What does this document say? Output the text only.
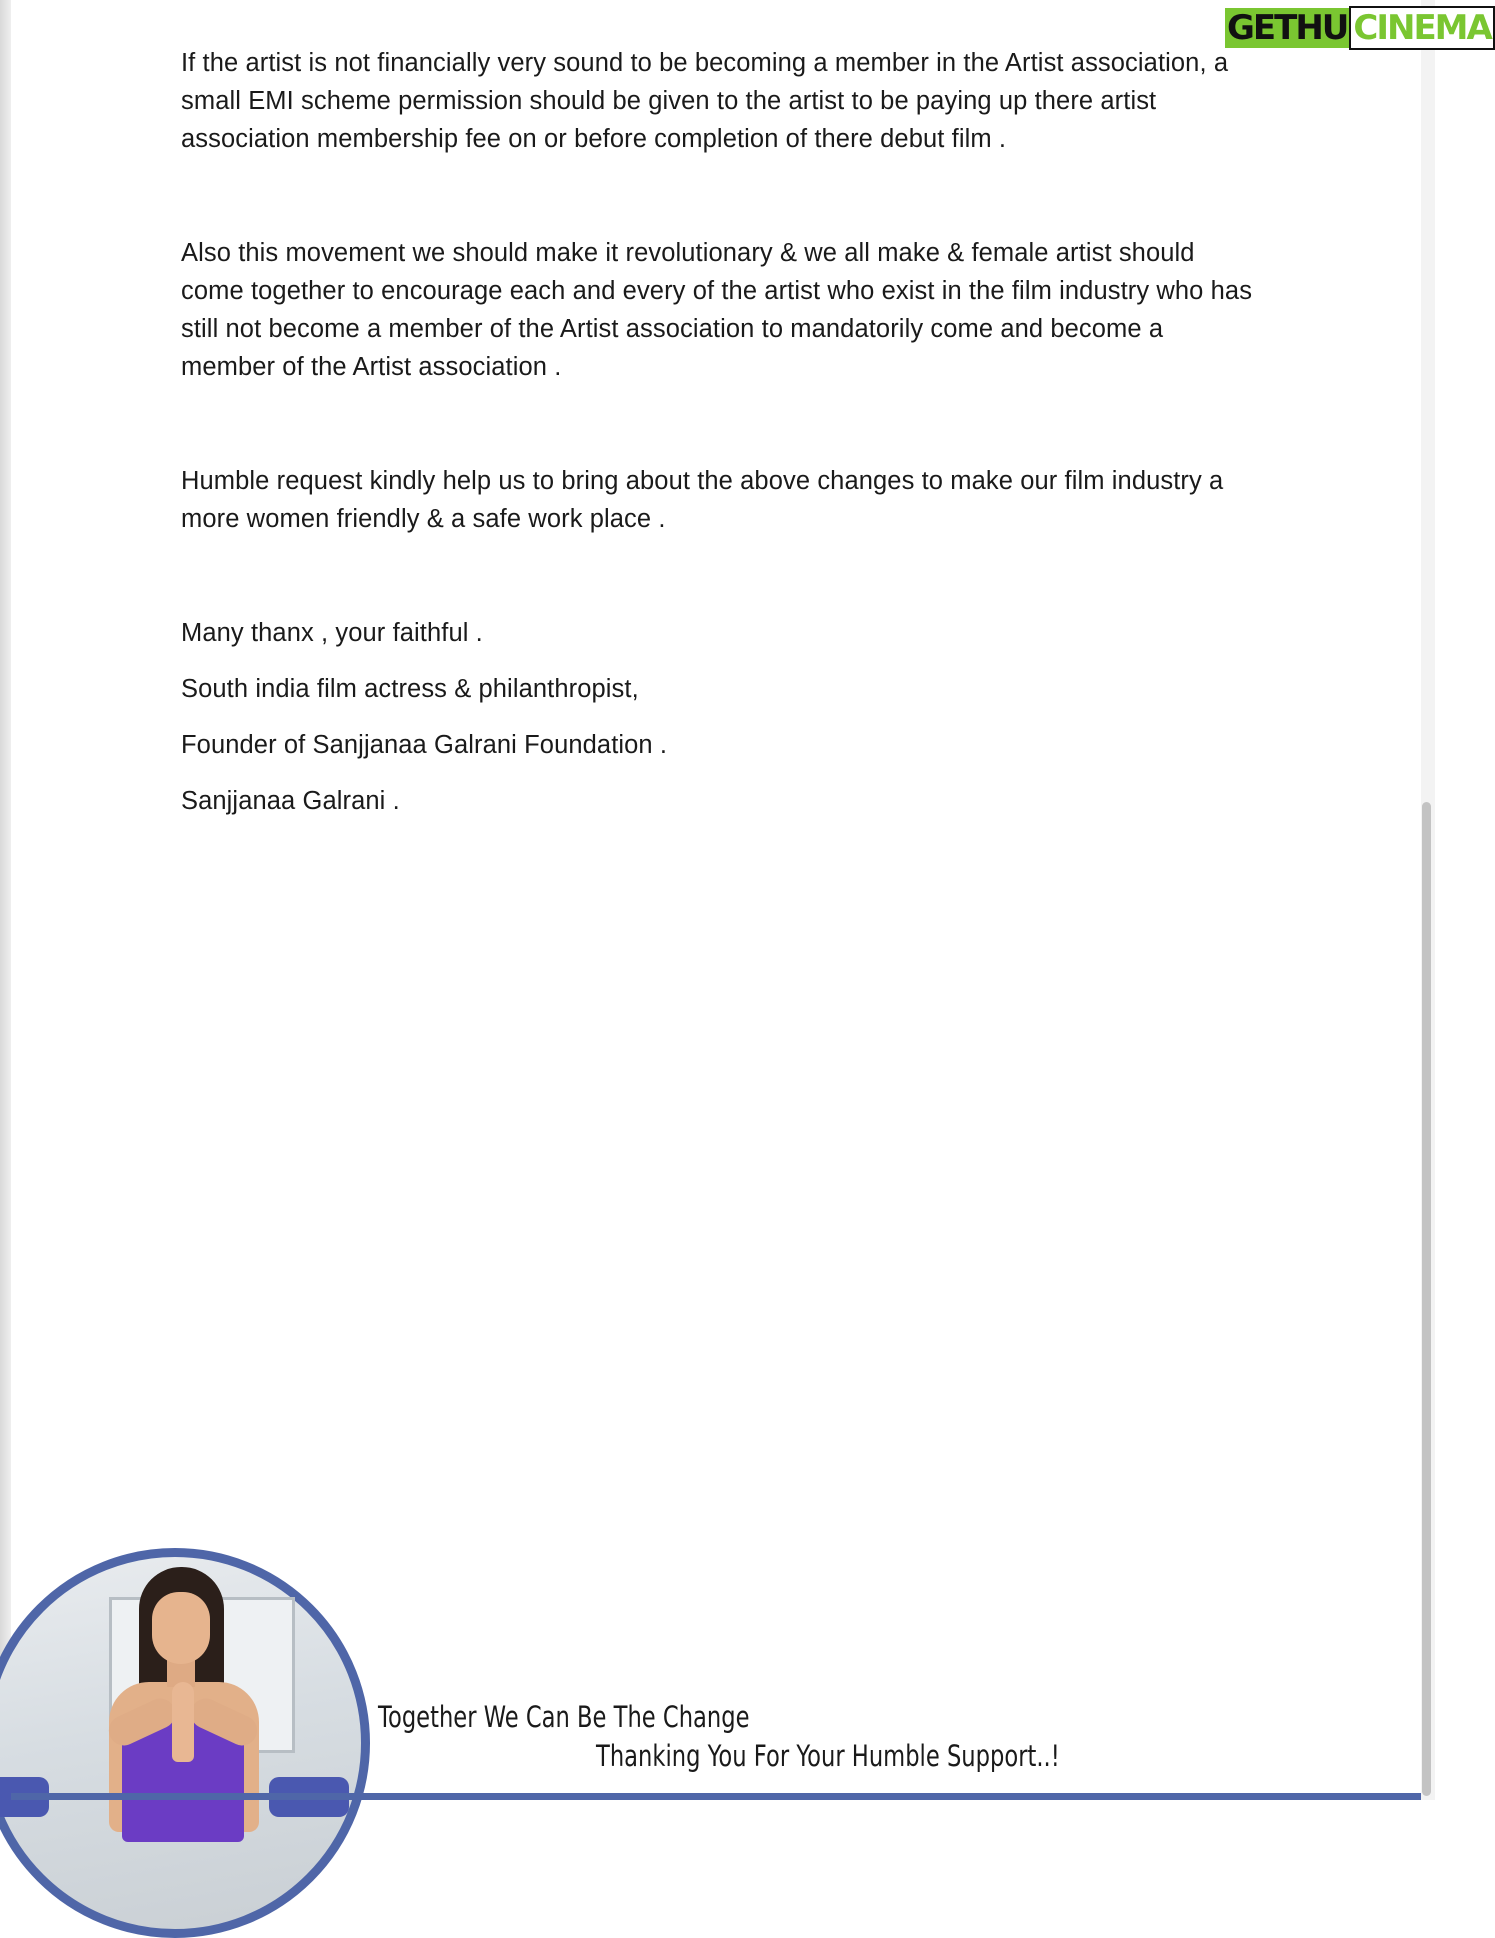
GETHU CINEMA

If the artist is not financially very sound to be becoming a member in the Artist association, a small EMI scheme permission should be given to the artist to be paying up there artist association membership fee on or before completion of there debut film .

Also this movement we should make it revolutionary & we all make & female artist should come together to encourage each and every of the artist who exist in the film industry who has still not become a member of the Artist association to mandatorily come and become a member of the Artist association .

Humble request kindly help us to bring about the above changes to make our film industry a more women friendly & a safe work place .

Many thanx , your faithful .

South india film actress & philanthropist,

Founder of Sanjjanaa Galrani Foundation .

Sanjjanaa Galrani .

Together We Can Be The Change
Thanking You For Your Humble Support..!
